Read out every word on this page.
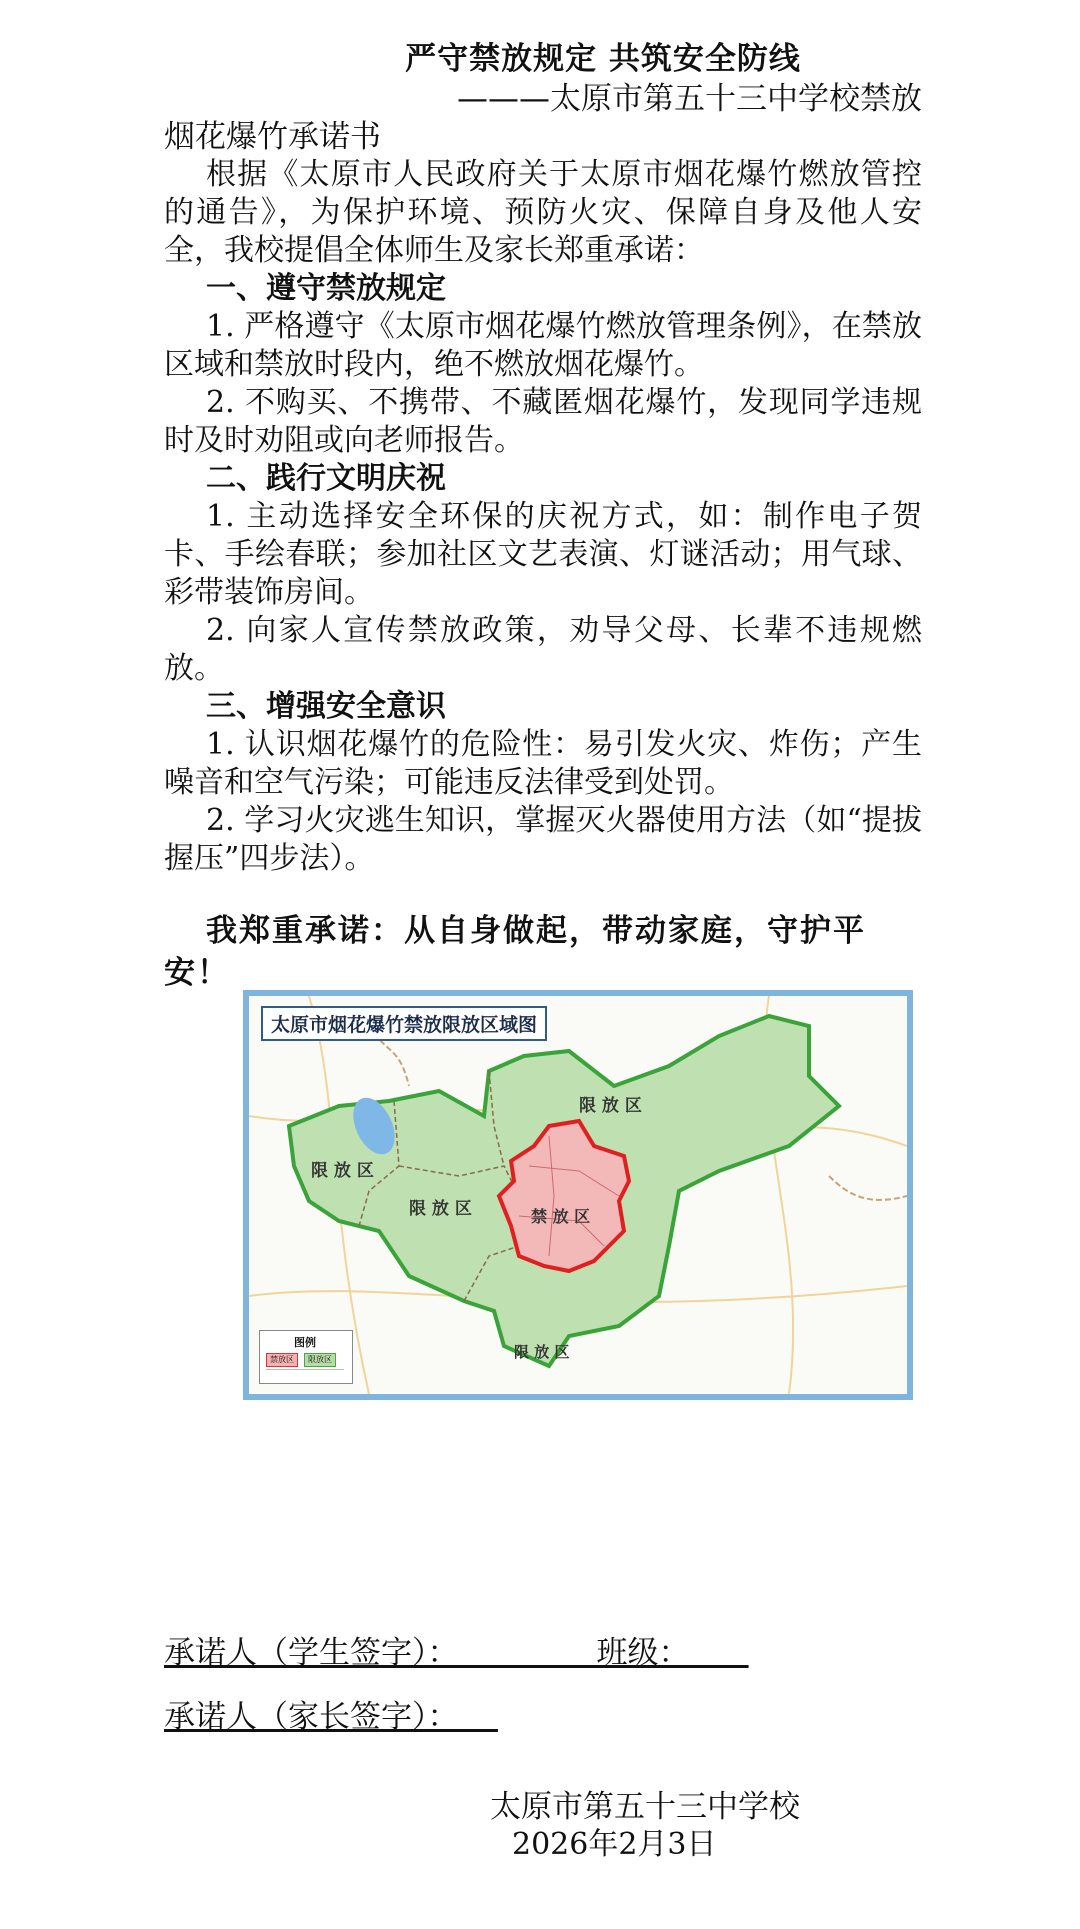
严守禁放规定 共筑安全防线

———太原市第五十三中学校禁放

烟花爆竹承诺书

根据《太原市人民政府关于太原市烟花爆竹燃放管控的通告》，为保护环境、预防火灾、保障自身及他人安全，我校提倡全体师生及家长郑重承诺：

一、遵守禁放规定

1. 严格遵守《太原市烟花爆竹燃放管理条例》，在禁放区域和禁放时段内，绝不燃放烟花爆竹。

2. 不购买、不携带、不藏匿烟花爆竹，发现同学违规时及时劝阻或向老师报告。

二、践行文明庆祝

1. 主动选择安全环保的庆祝方式，如：制作电子贺卡、手绘春联；参加社区文艺表演、灯谜活动；用气球、彩带装饰房间。

2. 向家人宣传禁放政策，劝导父母、长辈不违规燃放。

三、增强安全意识

1. 认识烟花爆竹的危险性：易引发火灾、炸伤；产生噪音和空气污染；可能违反法律受到处罚。

2. 学习火灾逃生知识，掌握灭火器使用方法（如“提拔握压”四步法）。

我郑重承诺：从自身做起，带动家庭，守护平安！

太原市烟花爆竹禁放限放区域图
限 放 区
限 放 区
限 放 区	禁 放 区
限 放 区
图例
禁放区	限放区

承诺人（学生签字）：              班级：

承诺人（家长签字）：

太原市第五十三中学校

2026年2月3日
